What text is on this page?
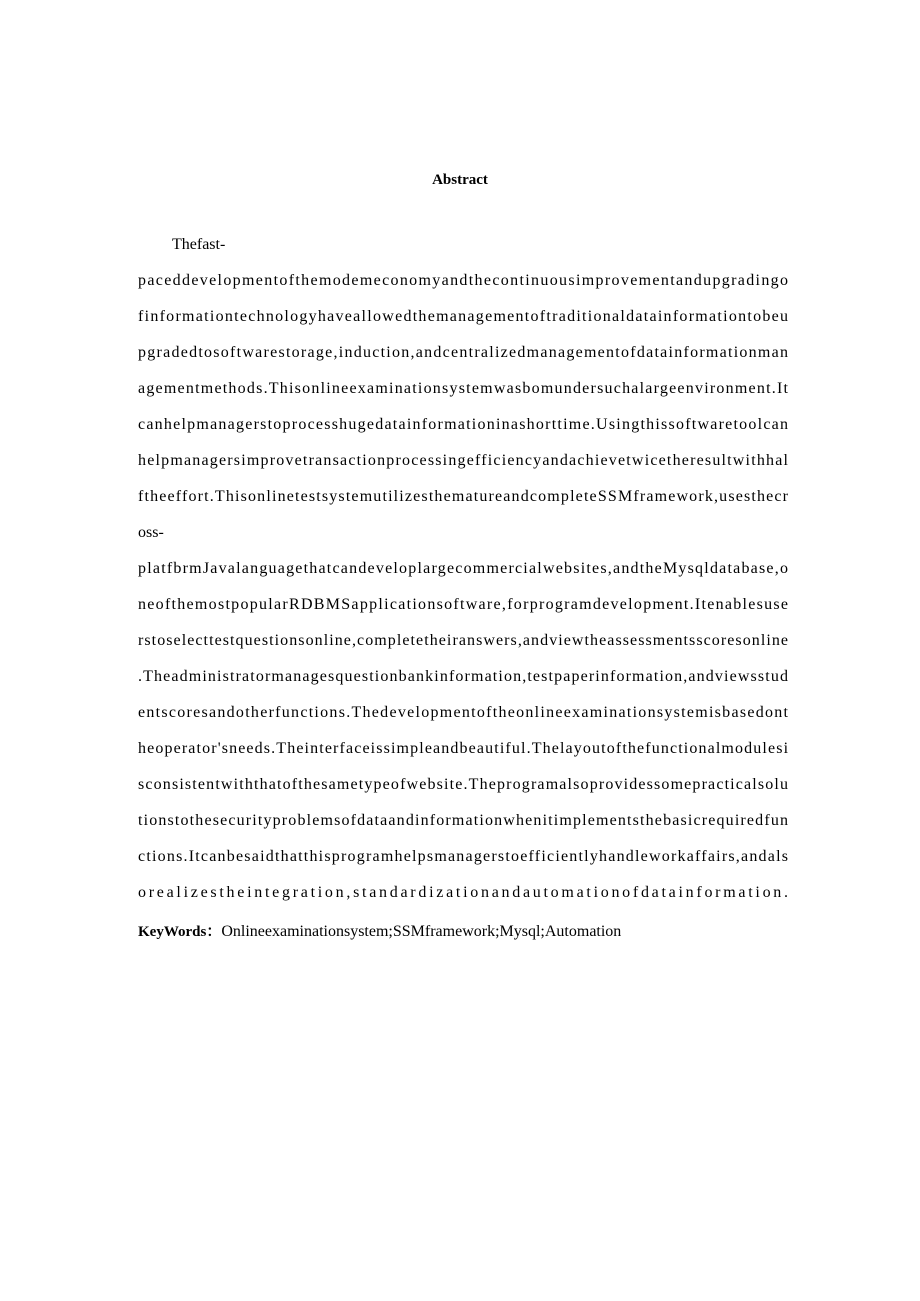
Abstract
Thefast-
paceddevelopmentofthemodemeconomyandthecontinuousimprovementandupgradingo
finformationtechnologyhaveallowedthemanagementoftraditionaldatainformationtobeu
pgradedtosoftwarestorage,induction,andcentralizedmanagementofdatainformationman
agementmethods.Thisonlineexaminationsystemwasbomundersuchalargeenvironment.It
canhelpmanagerstoprocesshugedatainformationinashorttime.Usingthissoftwaretoolcan
helpmanagersimprovetransactionprocessingefficiencyandachievetwicetheresultwithhal
ftheeffort.ThisonlinetestsystemutilizesthematureandcompleteSSMframework,usesthecr
oss-
platfbrmJavalanguagethatcandeveloplargecommercialwebsites,andtheMysqldatabase,o
neofthemostpopularRDBMSapplicationsoftware,forprogramdevelopment.Itenablesuse
rstoselecttestquestionsonline,completetheiranswers,andviewtheassessmentsscoresonline
.Theadministratormanagesquestionbankinformation,testpaperinformation,andviewsstud
entscoresandotherfunctions.Thedevelopmentoftheonlineexaminationsystemisbasedont
heoperator'sneeds.Theinterfaceissimpleandbeautiful.Thelayoutofthefunctionalmodulesi
sconsistentwiththatofthesametypeofwebsite.Theprogramalsoprovidessomepracticalsolu
tionstothesecurityproblemsofdataandinformationwhenitimplementsthebasicrequiredfun
ctions.Itcanbesaidthatthisprogramhelpsmanagerstoefficientlyhandleworkaffairs,andals
orealizestheintegration,standardizationandautomationofdatainformation.
KeyWords：Onlineexaminationsystem;SSMframework;Mysql;Automation
